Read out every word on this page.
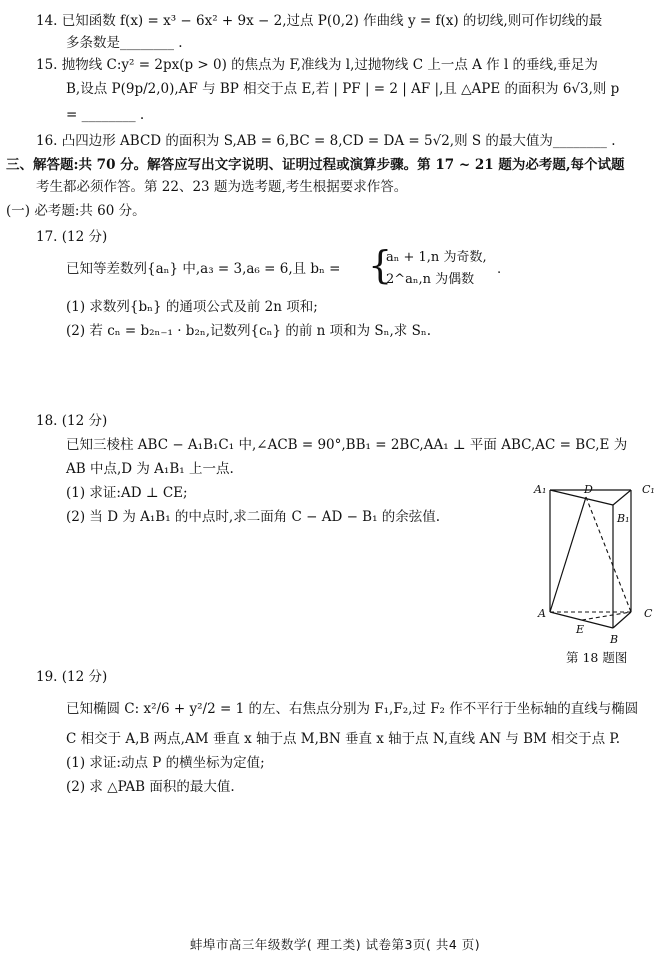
14. 已知函数 f(x) = x³ − 6x² + 9x − 2,过点 P(0,2) 作曲线 y = f(x) 的切线,则可作切线的最
多条数是________ .
15. 抛物线 C:y² = 2px(p > 0) 的焦点为 F,准线为 l,过抛物线 C 上一点 A 作 l 的垂线,垂足为
B,设点 P(9p/2,0),AF 与 BP 相交于点 E,若 | PF | = 2 | AF |,且 △APE 的面积为 6√3,则 p
= ________ .
16. 凸四边形 ABCD 的面积为 S,AB = 6,BC = 8,CD = DA = 5√2,则 S 的最大值为________ .
三、解答题:共 70 分。解答应写出文字说明、证明过程或演算步骤。第 17 ~ 21 题为必考题,每个试题
考生都必须作答。第 22、23 题为选考题,考生根据要求作答。
(一) 必考题:共 60 分。
17. (12 分)
已知等差数列{aₙ} 中,a₃ = 3,a₆ = 6,且 bₙ = {
aₙ + 1,n 为奇数,
2^aₙ,n 为偶数
.
(1) 求数列{bₙ} 的通项公式及前 2n 项和;
(2) 若 cₙ = b₂ₙ₋₁ · b₂ₙ,记数列{cₙ} 的前 n 项和为 Sₙ,求 Sₙ.
18. (12 分)
已知三棱柱 ABC − A₁B₁C₁ 中,∠ACB = 90°,BB₁ = 2BC,AA₁ ⊥ 平面 ABC,AC = BC,E 为
AB 中点,D 为 A₁B₁ 上一点.
(1) 求证:AD ⊥ CE;
(2) 当 D 为 A₁B₁ 的中点时,求二面角 C − AD − B₁ 的余弦值.
A₁	D	C₁
B₁
A	C
E
B
第 18 题图
19. (12 分)
已知椭圆 C: x²/6 + y²/2 = 1 的左、右焦点分别为 F₁,F₂,过 F₂ 作不平行于坐标轴的直线与椭圆
C 相交于 A,B 两点,AM 垂直 x 轴于点 M,BN 垂直 x 轴于点 N,直线 AN 与 BM 相交于点 P.
(1) 求证:动点 P 的横坐标为定值;
(2) 求 △PAB 面积的最大值.
蚌埠市高三年级数学( 理工类) 试卷第3页( 共4 页)
